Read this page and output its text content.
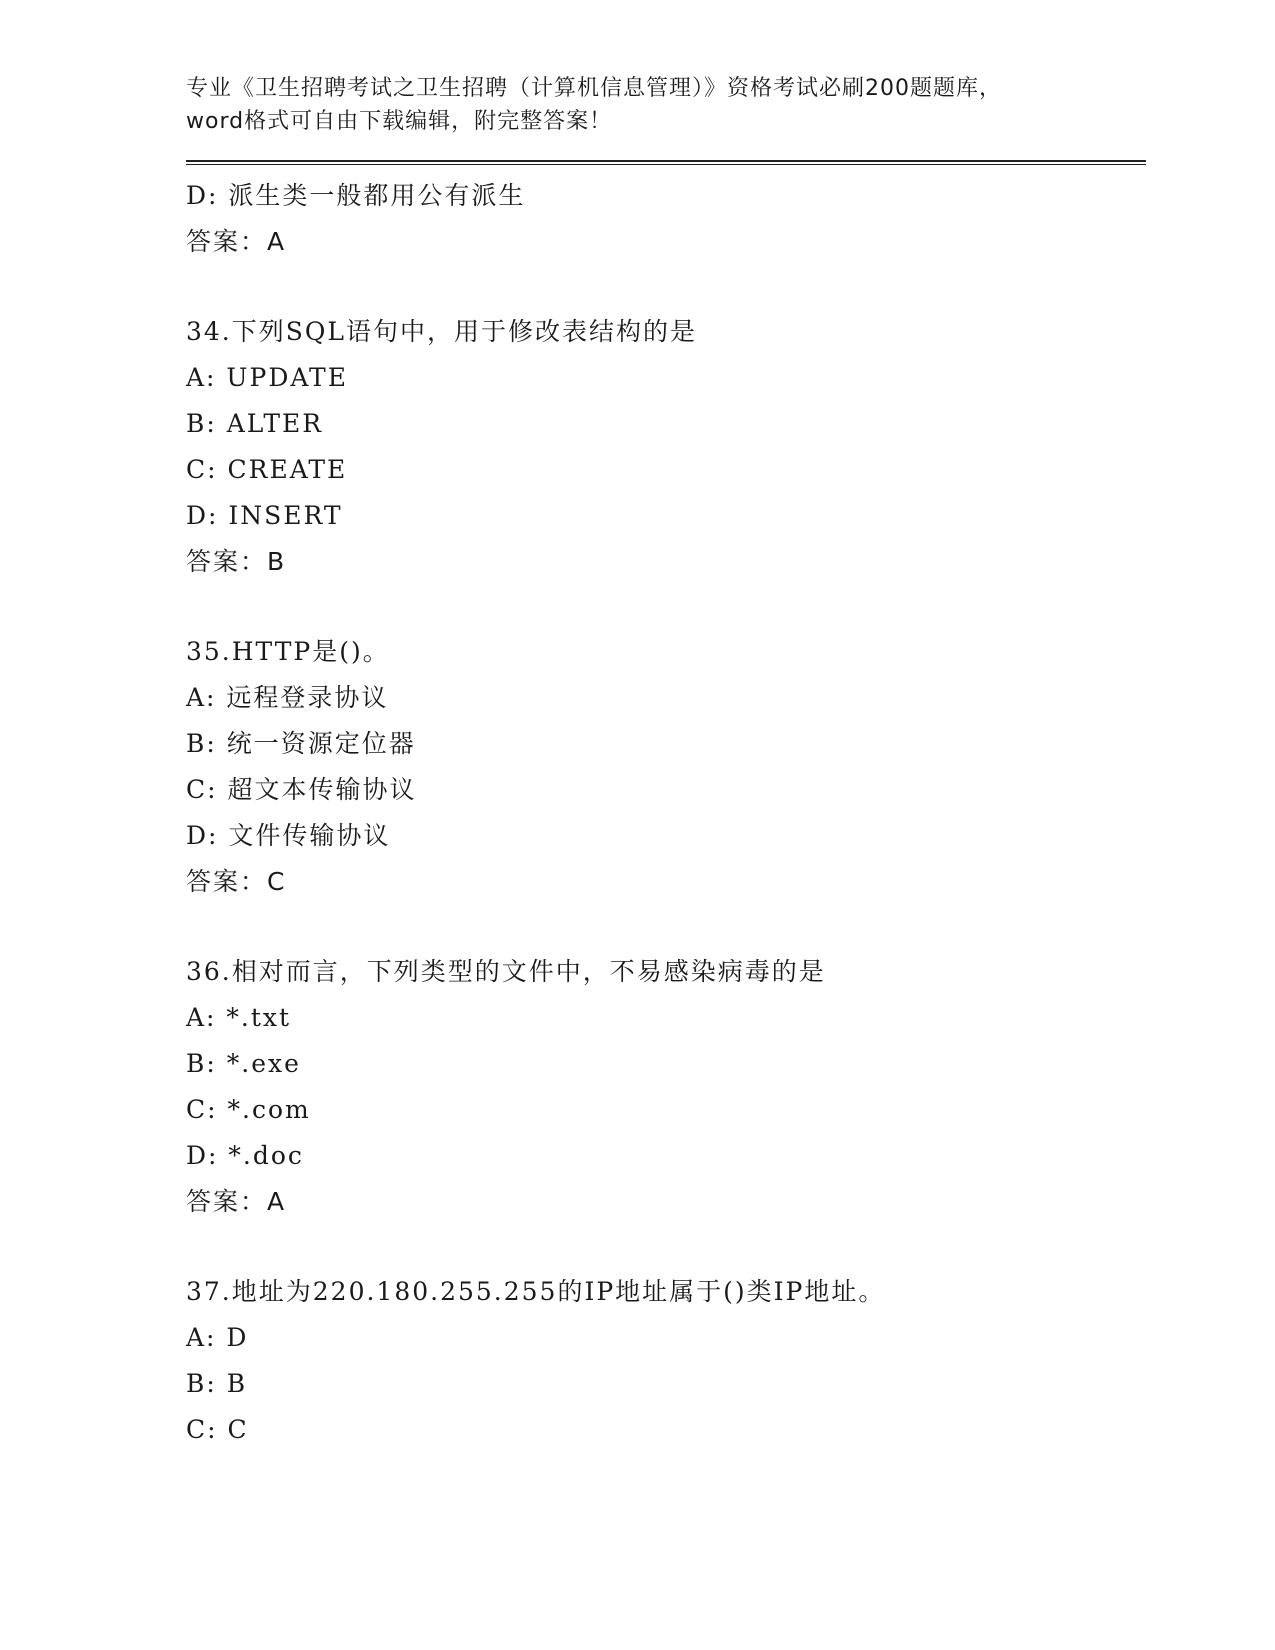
专业《卫生招聘考试之卫生招聘（计算机信息管理）》资格考试必刷200题题库，
word格式可自由下载编辑，附完整答案！
D: 派生类一般都用公有派生
答案：A
34.下列SQL语句中，用于修改表结构的是
A: UPDATE
B: ALTER
C: CREATE
D: INSERT
答案：B
35.HTTP是()。
A: 远程登录协议
B: 统一资源定位器
C: 超文本传输协议
D: 文件传输协议
答案：C
36.相对而言，下列类型的文件中，不易感染病毒的是
A: *.txt
B: *.exe
C: *.com
D: *.doc
答案：A
37.地址为220.180.255.255的IP地址属于()类IP地址。
A: D
B: B
C: C
